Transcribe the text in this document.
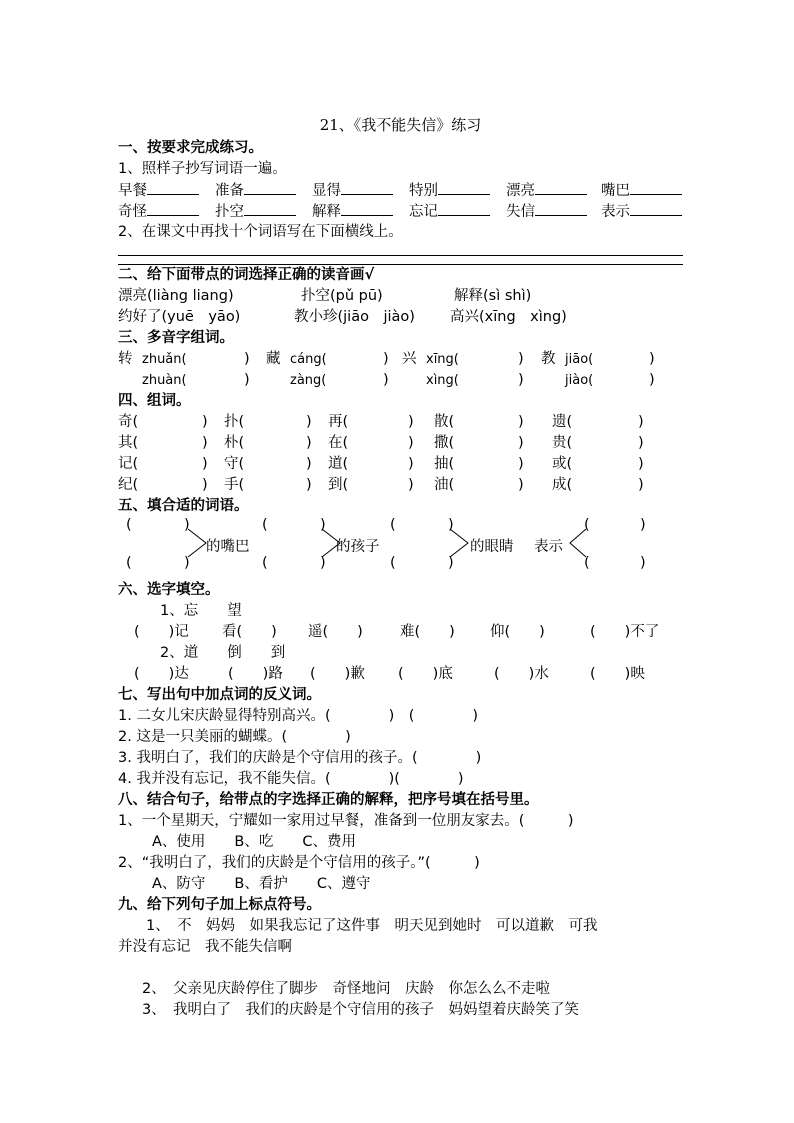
21、《我不能失信》练习
一、按要求完成练习。
1、照样子抄写词语一遍。
早餐	准备	显得	特别	漂亮	嘴巴
奇怪	扑空	解释	忘记	失信	表示
2、在课文中再找十个词语写在下面横线上。
二、给下面带点的词选择正确的读音画√
漂亮(liàng liang)	扑空(pǔ pū)	解释(sì shì)
约好了(yuē　yāo)	教小珍(jiāo　jiào) 高兴(xīng　xìng)
三、多音字组词。
转 zhuǎn(	) 藏 cáng(	) 兴 xīng(	) 教 jiāo(	)
zhuàn(	)	zàng(	)	xìng(	)	jiào(	)
四、组词。
奇(	) 扑(	) 再(	) 散(	) 遗(	)
其(	) 朴(	) 在(	) 撒(	) 贵(	)
记(	) 守(	) 道(	) 抽(	) 或(	)
纪(	) 手(	) 到(	) 油(	) 成(	)
五、填合适的词语。
(	)	(	)	(	)	(	)
的嘴巴	的孩子	的眼睛 表示
(	)	(	)	(	)	(	)
六、选字填空。
1、忘　　望
(　　)记 看(　　) 遥(　　)	难(　　) 仰(　　)	(　　)不了
2、道　　倒　　到
(　　)达	(　　)路 (　　)歉 (　　)底	(　　)水	(　　)映
七、写出句中加点词的反义词。
1. 二女儿宋庆龄显得特别高兴。(　　　　)　(　　　　)
2. 这是一只美丽的蝴蝶。(　　　　)
3. 我明白了，我们的庆龄是个守信用的孩子。(　　　　)
4. 我并没有忘记，我不能失信。(　　　　)(　　　　)
八、结合句子，给带点的字选择正确的解释，把序号填在括号里。
1、一个星期天，宁耀如一家用过早餐，准备到一位朋友家去。(　　　)
A、使用　　B、吃　　C、费用
2、“我明白了，我们的庆龄是个守信用的孩子。”(　　　)
A、防守　　B、看护　　C、遵守
九、给下列句子加上标点符号。
1、　不　妈妈　如果我忘记了这件事　明天见到她时　可以道歉　可我
并没有忘记　我不能失信啊
2、　父亲见庆龄停住了脚步　奇怪地问　庆龄　你怎么么不走啦
3、　我明白了　我们的庆龄是个守信用的孩子　妈妈望着庆龄笑了笑
